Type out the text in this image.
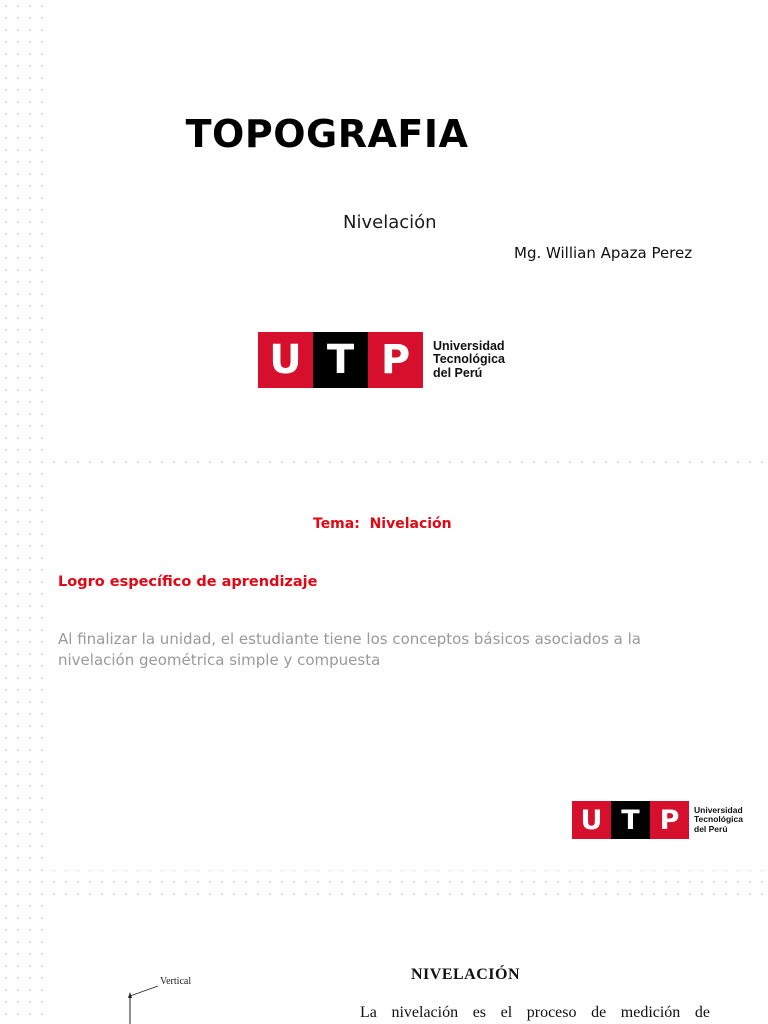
TOPOGRAFIA
Nivelación
Mg. Willian Apaza Perez
U T P	Universidad
Tecnológica
del Perú
Tema:  Nivelación
Logro específico de aprendizaje
Al finalizar la unidad, el estudiante tiene los conceptos básicos asociados a la nivelación geométrica simple y compuesta
U T P	Universidad
Tecnológica
del Perú
Vertical	NIVELACIÓN
La nivelación es el proceso de medición de
